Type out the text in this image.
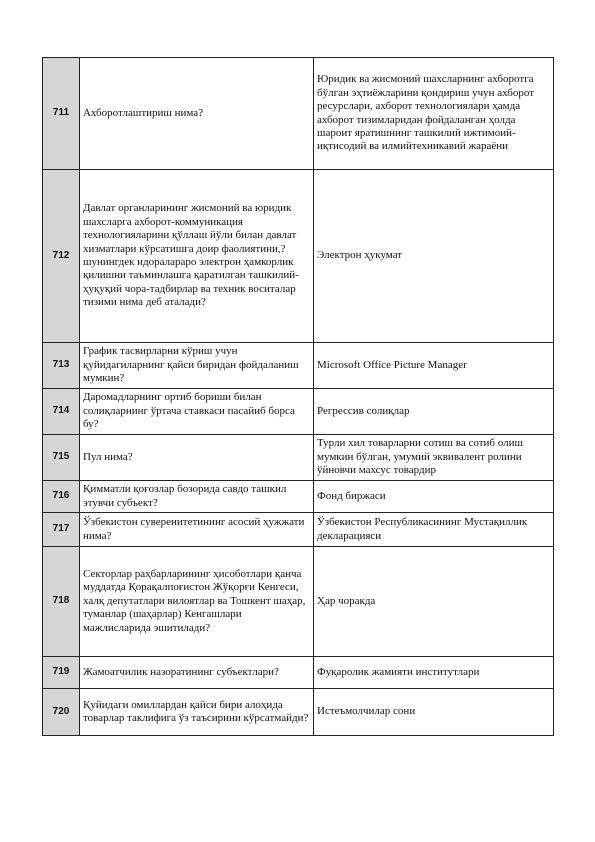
711	Ахборотлаштириш нима?	Юридик ва жисмоний шахсларнинг ахборотга бўлган эҳтиёжларини қондириш учун ахборот ресурслари, ахборот технологиялари ҳамда ахборот тизимларидан фойдаланган ҳолда шароит яратишнинг ташкилий ижтимоий-иқтисодий ва илмийтехникавий жараёни
712	Давлат органларининг жисмоний ва юридик шахсларга ахборот-коммуникация технологияларини қўллаш йўли билан давлат хизматлари кўрсатишга доир фаолиятини,? шунингдек идоралараро электрон ҳамкорлик қилишни таъминлашга қаратилган ташкилий-ҳуқуқий чора-тадбирлар ва техник воситалар тизими нима деб аталади?	Электрон ҳукумат
713	График тасвирларни кўриш учун қуйидагиларнинг қайси биридан фойдаланиш мумкин?	Microsoft Office Picture Manager
714	Даромадларнинг ортиб бориши билан солиқларнинг ўртача ставкаси пасайиб борса бу?	Регрессив солиқлар
715	Пул нима?	Турли хил товарларни сотиш ва сотиб олиш мумкин бўлган, умумий эквивалент ролини ўйновчи махсус товардир
716	Қимматли қоғозлар бозорида савдо ташкил этувчи субъект?	Фонд биржаси
717	Ўзбекистон суверенитетининг асосий ҳужжати нима?	Ўзбекистон Республикасининг Мустақиллик декларацияси
718	Секторлар раҳбарларининг ҳисоботлари қанча муддатда Қорақалпоғистон Жўқорғи Кенгеси, халқ депутатлари вилоятлар ва Тошкент шаҳар, туманлар (шаҳарлар) Кенгашлари мажлисларида эшитилади?	Ҳар чоракда
719	Жамоатчилик назоратининг субъектлари?	Фуқаролик жамияти институтлари
720	Қуйидаги омиллардан қайси бири алоҳида товарлар таклифига ўз таъсирини кўрсатмайди?	Истеъмолчилар сони
